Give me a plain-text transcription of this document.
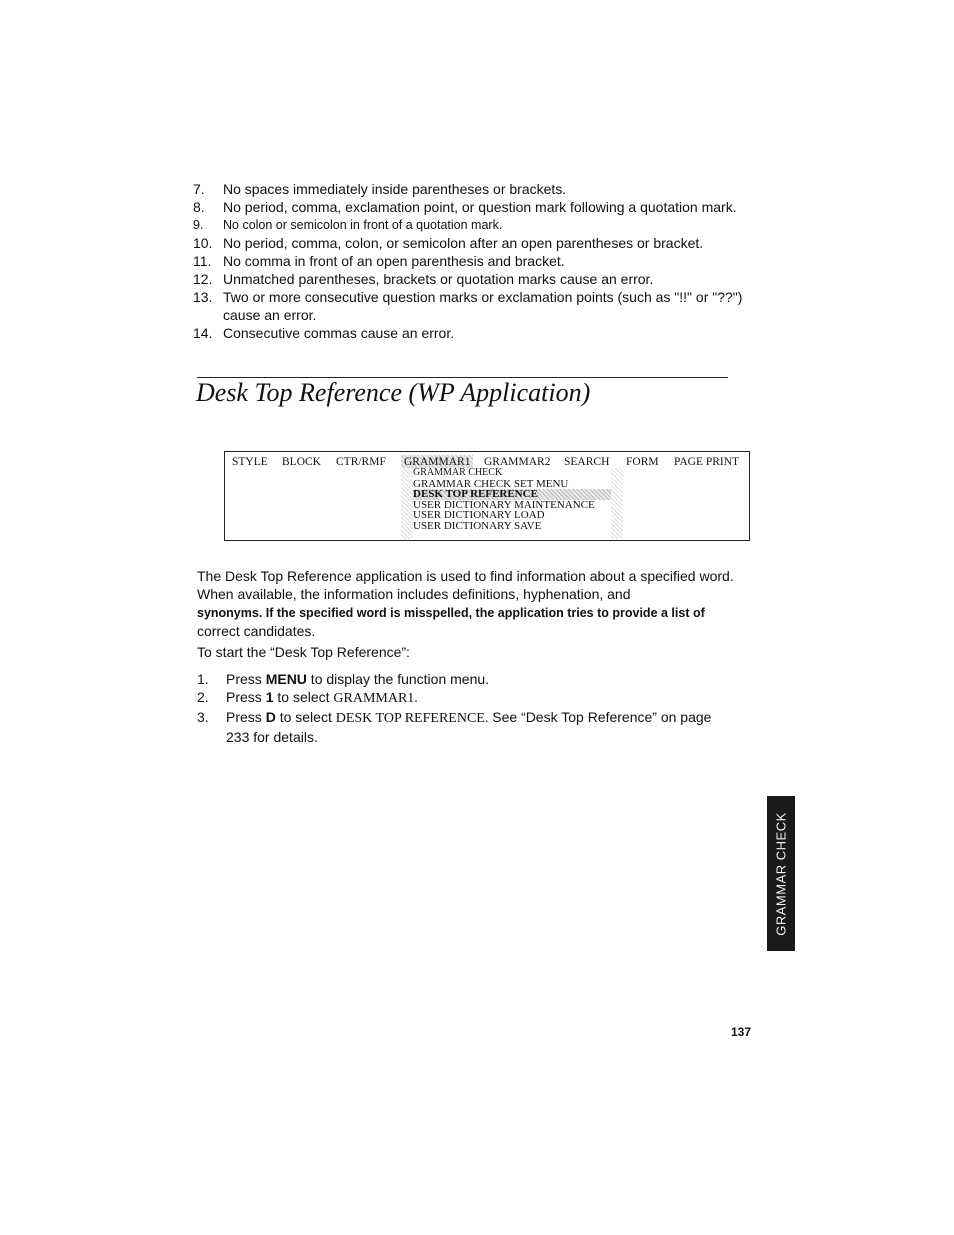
7.	No spaces immediately inside parentheses or brackets.
8.	No period, comma, exclamation point, or question mark following a quotation mark.
9.	No colon or semicolon in front of a quotation mark.
10. No period, comma, colon, or semicolon after an open parentheses or bracket.
11. No comma in front of an open parenthesis and bracket.
12. Unmatched parentheses, brackets or quotation marks cause an error.
13. Two or more consecutive question marks or exclamation points (such as "!!" or "??") cause an error.
14. Consecutive commas cause an error.
Desk Top Reference (WP Application)
STYLE BLOCK CTR/RMF GRAMMAR1 GRAMMAR2 SEARCH FORM PAGE PRINT
GRAMMAR CHECK
GRAMMAR CHECK SET MENU
DESK TOP REFERENCE
USER DICTIONARY MAINTENANCE
USER DICTIONARY LOAD
USER DICTIONARY SAVE

The Desk Top Reference application is used to find information about a specified word. When available, the information includes definitions, hyphenation, and
synonyms. If the specified word is misspelled, the application tries to provide a list of
correct candidates.

To start the “Desk Top Reference”:

1. Press MENU to display the function menu.
2. Press 1 to select GRAMMAR1.
3. Press D to select DESK TOP REFERENCE. See “Desk Top Reference” on page 233 for details.
GRAMMAR CHECK

137
